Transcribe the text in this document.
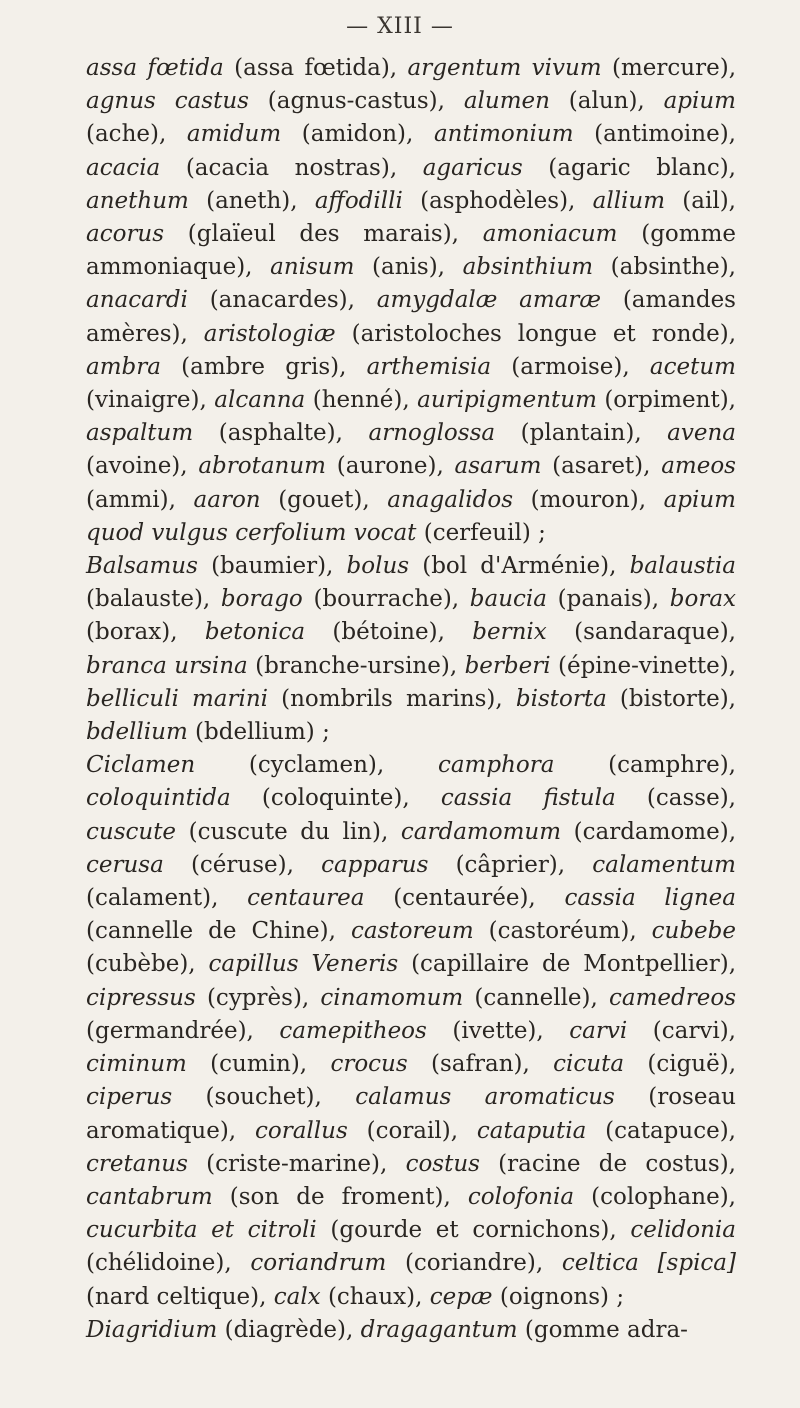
— XIII —

assa fœtida (assa fœtida), argentum vivum (mercure), agnus castus (agnus-castus), alumen (alun), apium (ache), amidum (amidon), antimonium (antimoine), acacia (acacia nostras), agaricus (agaric blanc), anethum (aneth), affodilli (asphodèles), allium (ail), acorus (glaïeul des marais), amoniacum (gomme ammoniaque), anisum (anis), absinthium (absinthe), anacardi (anacardes), amygdalæ amaræ (amandes amères), aristologiæ (aristoloches longue et ronde), ambra (ambre gris), arthemisia (armoise), acetum (vinaigre), alcanna (henné), auripigmentum (orpiment), aspaltum (asphalte), arnoglossa (plantain), avena (avoine), abrotanum (aurone), asarum (asaret), ameos (ammi), aaron (gouet), anagalidos (mouron), apium quod vulgus cerfolium vocat (cerfeuil) ;

Balsamus (baumier), bolus (bol d'Arménie), balaustia (balauste), borago (bourrache), baucia (panais), borax (borax), betonica (bétoine), bernix (sandaraque), branca ursina (branche-ursine), berberi (épine-vinette), belliculi marini (nombrils marins), bistorta (bistorte), bdellium (bdellium) ;

Ciclamen (cyclamen), camphora (camphre), coloquintida (coloquinte), cassia fistula (casse), cuscute (cuscute du lin), cardamomum (cardamome), cerusa (céruse), capparus (câprier), calamentum (calament), centaurea (centaurée), cassia lignea (cannelle de Chine), castoreum (castoréum), cubebe (cubèbe), capillus Veneris (capillaire de Montpellier), cipressus (cyprès), cinamomum (cannelle), camedreos (germandrée), camepitheos (ivette), carvi (carvi), ciminum (cumin), crocus (safran), cicuta (ciguë), ciperus (souchet), calamus aromaticus (roseau aromatique), corallus (corail), cataputia (catapuce), cretanus (criste-marine), costus (racine de costus), cantabrum (son de froment), colofonia (colophane), cucurbita et citroli (gourde et cornichons), celidonia (chélidoine), coriandrum (coriandre), celtica [spica] (nard celtique), calx (chaux), cepæ (oignons) ;

Diagridium (diagrède), dragagantum (gomme adra-
